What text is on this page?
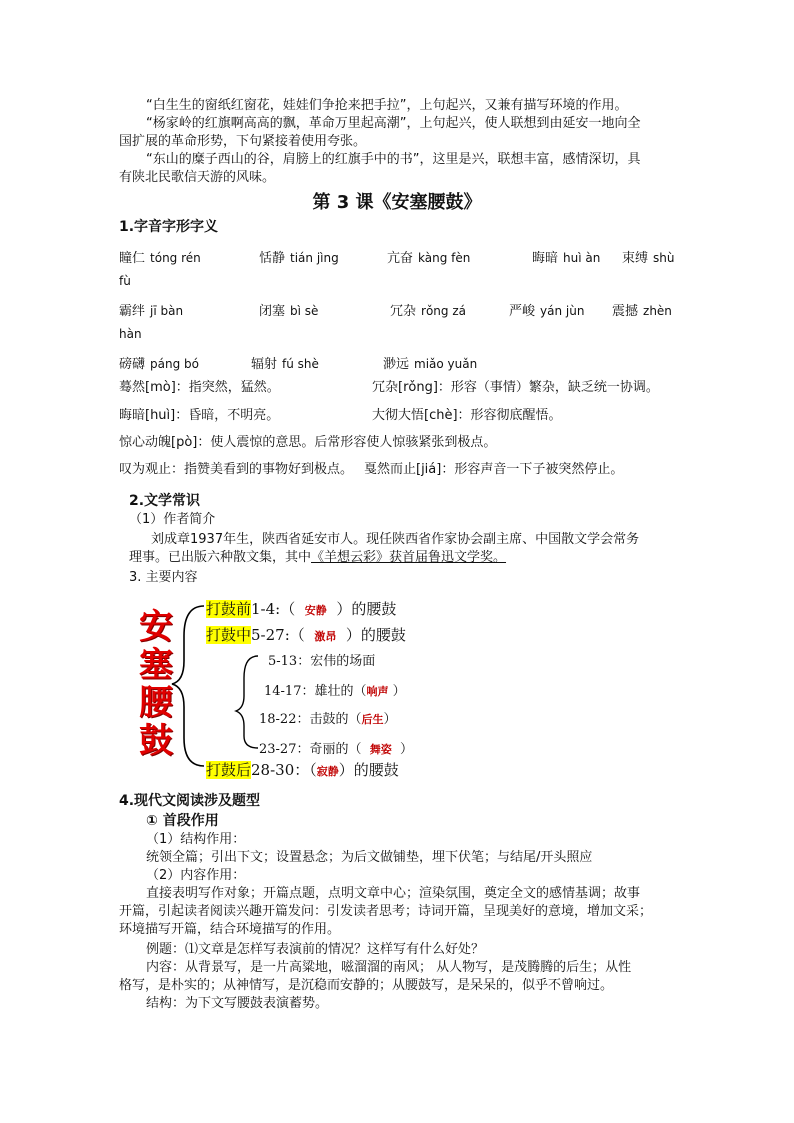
“白生生的窗纸红窗花，娃娃们争抢来把手拉”，上句起兴，又兼有描写环境的作用。
“杨家岭的红旗啊高高的飘，革命万里起高潮”，上句起兴，使人联想到由延安一地向全
国扩展的革命形势，下句紧接着使用夸张。
“东山的糜子西山的谷，肩膀上的红旗手中的书”，这里是兴，联想丰富，感情深切，具
有陕北民歌信天游的风味。
第 3 课《安塞腰鼓》
1.字音字形字义
瞳仁 tóng rén	恬静 tián jìng	亢奋 kàng fèn	晦暗 huì àn 束缚 shù
fù
霸绊 jī bàn	闭塞 bì sè	冗杂 rǒng zá	严峻 yán jùn 震撼 zhèn
hàn
磅礴 páng bó	辐射 fú shè	渺远 miǎo yuǎn
蓦然[mò]：指突然，猛然。	冗杂[rǒng]：形容（事情）繁杂，缺乏统一协调。
晦暗[huì]：昏暗，不明亮。	大彻大悟[chè]：形容彻底醒悟。
惊心动魄[pò]：使人震惊的意思。后常形容使人惊骇紧张到极点。
叹为观止：指赞美看到的事物好到极点。 戛然而止[jiá]：形容声音一下子被突然停止。
2.文学常识
（1）作者简介
刘成章1937年生，陕西省延安市人。现任陕西省作家协会副主席、中国散文学会常务
理事。已出版六种散文集，其中《羊想云彩》获首届鲁迅文学奖。
3. 主要内容
安
塞
腰
鼓
打鼓前1-4:（ 安静 ）的腰鼓
打鼓中5-27:（ 激昂 ）的腰鼓
5-13：宏伟的场面
14-17：雄壮的（响声 ）
18-22：击鼓的（后生）
23-27：奇丽的（ 舞姿 ）
打鼓后28-30：（寂静）的腰鼓
4.现代文阅读涉及题型
① 首段作用
（1）结构作用：
统领全篇；引出下文；设置悬念；为后文做铺垫，埋下伏笔；与结尾/开头照应
（2）内容作用：
直接表明写作对象；开篇点题，点明文章中心；渲染氛围，奠定全文的感情基调；故事
开篇，引起读者阅读兴趣开篇发问：引发读者思考；诗词开篇，呈现美好的意境，增加文采；
环境描写开篇，结合环境描写的作用。
例题：⑴文章是怎样写表演前的情况？这样写有什么好处？
内容：从背景写，是一片高粱地，嗞溜溜的南风； 从人物写，是茂腾腾的后生；从性
格写，是朴实的；从神情写，是沉稳而安静的；从腰鼓写，是呆呆的，似乎不曾响过。
结构：为下文写腰鼓表演蓄势。
